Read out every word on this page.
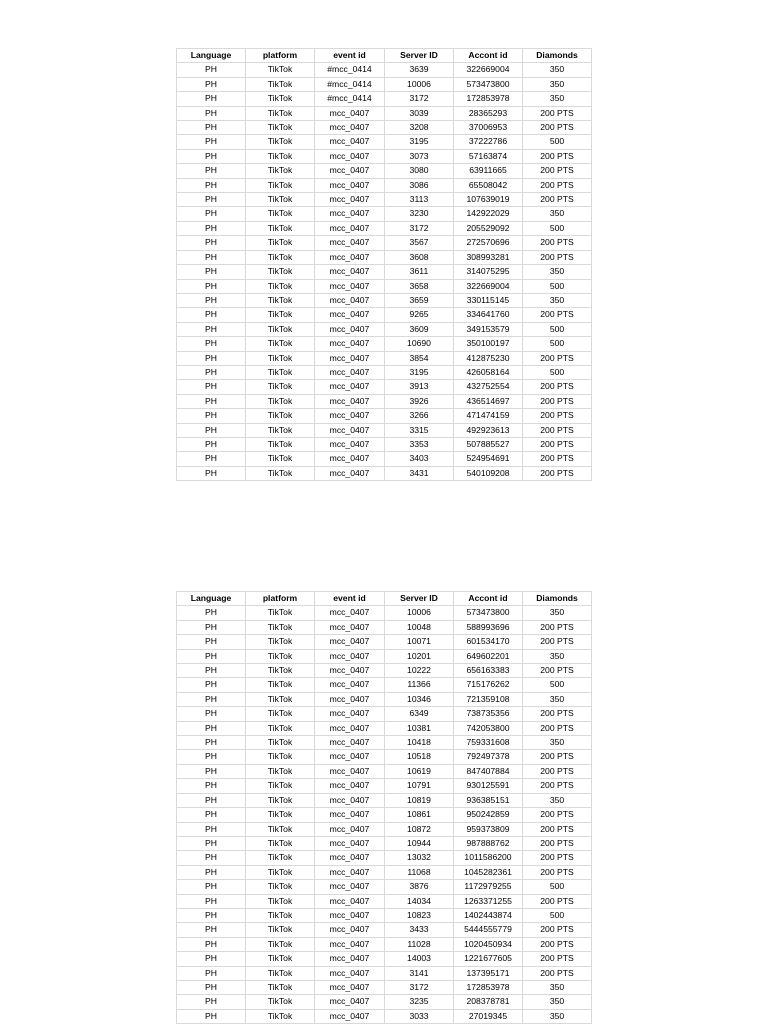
Language	platform	event id	Server ID	Accont id	Diamonds
PH	TikTok	#mcc_0414	3639	322669004	350
PH	TikTok	#mcc_0414	10006	573473800	350
PH	TikTok	#mcc_0414	3172	172853978	350
PH	TikTok	mcc_0407	3039	28365293	200 PTS
PH	TikTok	mcc_0407	3208	37006953	200 PTS
PH	TikTok	mcc_0407	3195	37222786	500
PH	TikTok	mcc_0407	3073	57163874	200 PTS
PH	TikTok	mcc_0407	3080	63911665	200 PTS
PH	TikTok	mcc_0407	3086	65508042	200 PTS
PH	TikTok	mcc_0407	3113	107639019	200 PTS
PH	TikTok	mcc_0407	3230	142922029	350
PH	TikTok	mcc_0407	3172	205529092	500
PH	TikTok	mcc_0407	3567	272570696	200 PTS
PH	TikTok	mcc_0407	3608	308993281	200 PTS
PH	TikTok	mcc_0407	3611	314075295	350
PH	TikTok	mcc_0407	3658	322669004	500
PH	TikTok	mcc_0407	3659	330115145	350
PH	TikTok	mcc_0407	9265	334641760	200 PTS
PH	TikTok	mcc_0407	3609	349153579	500
PH	TikTok	mcc_0407	10690	350100197	500
PH	TikTok	mcc_0407	3854	412875230	200 PTS
PH	TikTok	mcc_0407	3195	426058164	500
PH	TikTok	mcc_0407	3913	432752554	200 PTS
PH	TikTok	mcc_0407	3926	436514697	200 PTS
PH	TikTok	mcc_0407	3266	471474159	200 PTS
PH	TikTok	mcc_0407	3315	492923613	200 PTS
PH	TikTok	mcc_0407	3353	507885527	200 PTS
PH	TikTok	mcc_0407	3403	524954691	200 PTS
PH	TikTok	mcc_0407	3431	540109208	200 PTS
Language	platform	event id	Server ID	Accont id	Diamonds
PH	TikTok	mcc_0407	10006	573473800	350
PH	TikTok	mcc_0407	10048	588993696	200 PTS
PH	TikTok	mcc_0407	10071	601534170	200 PTS
PH	TikTok	mcc_0407	10201	649602201	350
PH	TikTok	mcc_0407	10222	656163383	200 PTS
PH	TikTok	mcc_0407	11366	715176262	500
PH	TikTok	mcc_0407	10346	721359108	350
PH	TikTok	mcc_0407	6349	738735356	200 PTS
PH	TikTok	mcc_0407	10381	742053800	200 PTS
PH	TikTok	mcc_0407	10418	759331608	350
PH	TikTok	mcc_0407	10518	792497378	200 PTS
PH	TikTok	mcc_0407	10619	847407884	200 PTS
PH	TikTok	mcc_0407	10791	930125591	200 PTS
PH	TikTok	mcc_0407	10819	936385151	350
PH	TikTok	mcc_0407	10861	950242859	200 PTS
PH	TikTok	mcc_0407	10872	959373809	200 PTS
PH	TikTok	mcc_0407	10944	987888762	200 PTS
PH	TikTok	mcc_0407	13032	1011586200	200 PTS
PH	TikTok	mcc_0407	11068	1045282361	200 PTS
PH	TikTok	mcc_0407	3876	1172979255	500
PH	TikTok	mcc_0407	14034	1263371255	200 PTS
PH	TikTok	mcc_0407	10823	1402443874	500
PH	TikTok	mcc_0407	3433	5444555779	200 PTS
PH	TikTok	mcc_0407	11028	1020450934	200 PTS
PH	TikTok	mcc_0407	14003	1221677605	200 PTS
PH	TikTok	mcc_0407	3141	137395171	200 PTS
PH	TikTok	mcc_0407	3172	172853978	350
PH	TikTok	mcc_0407	3235	208378781	350
PH	TikTok	mcc_0407	3033	27019345	350
